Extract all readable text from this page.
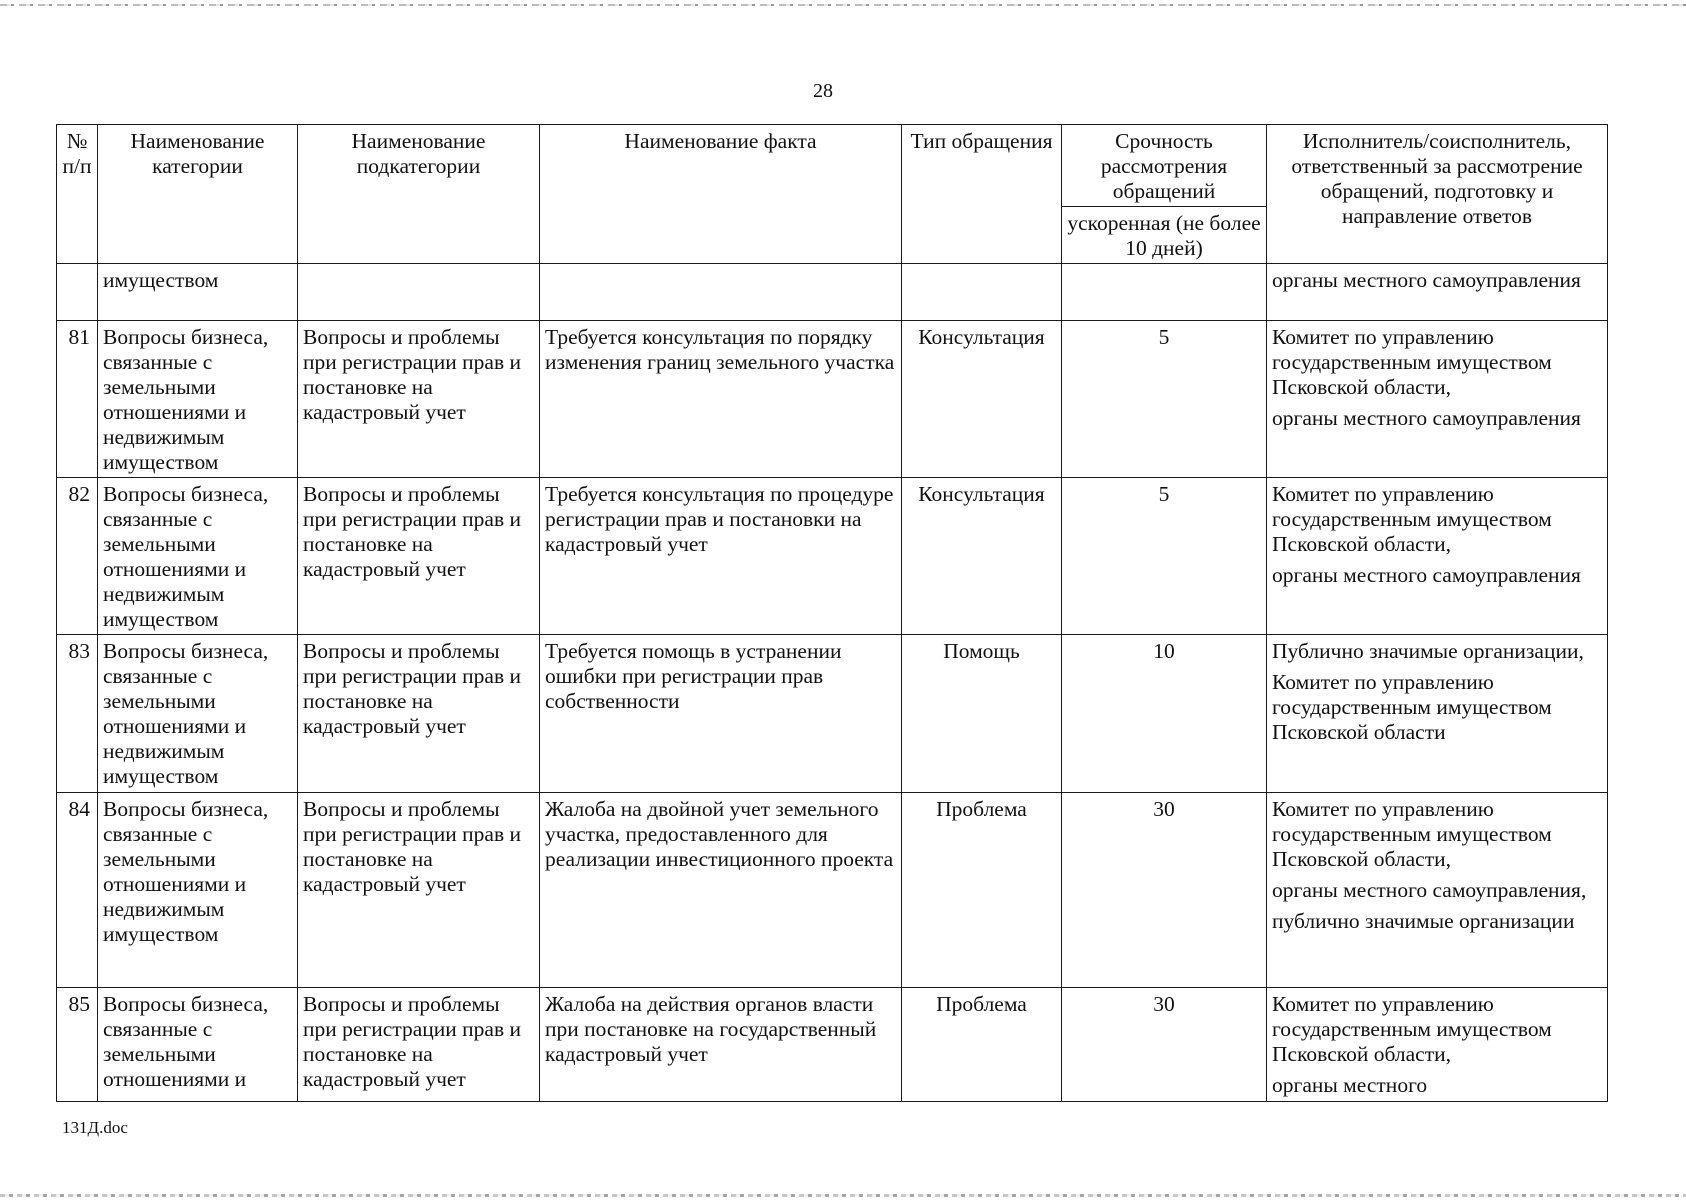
28
№ п/п	Наименование категории	Наименование подкатегории	Наименование факта	Тип обращения	Срочность рассмотрения обращений	Исполнитель/соисполнитель, ответственный за рассмотрение обращений, подготовку и направление ответов
					ускоренная (не более 10 дней)	
	имуществом					органы местного самоуправления
81	Вопросы бизнеса, связанные с земельными отношениями и недвижимым имуществом	Вопросы и проблемы при регистрации прав и постановке на кадастровый учет	Требуется консультация по порядку изменения границ земельного участка	Консультация	5	Комитет по управлению государственным имуществом Псковской области,
органы местного самоуправления

82	Вопросы бизнеса, связанные с земельными отношениями и недвижимым имуществом	Вопросы и проблемы при регистрации прав и постановке на кадастровый учет	Требуется консультация по процедуре регистрации прав и постановки на кадастровый учет	Консультация	5	Комитет по управлению государственным имуществом Псковской области,
органы местного самоуправления

83	Вопросы бизнеса, связанные с земельными отношениями и недвижимым имуществом	Вопросы и проблемы при регистрации прав и постановке на кадастровый учет	Требуется помощь в устранении ошибки при регистрации прав собственности	Помощь	10	Публично значимые организации,
Комитет по управлению государственным имуществом Псковской области

84	Вопросы бизнеса, связанные с земельными отношениями и недвижимым имуществом	Вопросы и проблемы при регистрации прав и постановке на кадастровый учет	Жалоба на двойной учет земельного участка, предоставленного для реализации инвестиционного проекта	Проблема	30	Комитет по управлению государственным имуществом Псковской области,
органы местного самоуправления,
публично значимые организации

85	Вопросы бизнеса, связанные с земельными отношениями и	Вопросы и проблемы при регистрации прав и постановке на кадастровый учет	Жалоба на действия органов власти при постановке на государственный кадастровый учет	Проблема	30	Комитет по управлению государственным имуществом Псковской области,
органы местного
131Д.doc
